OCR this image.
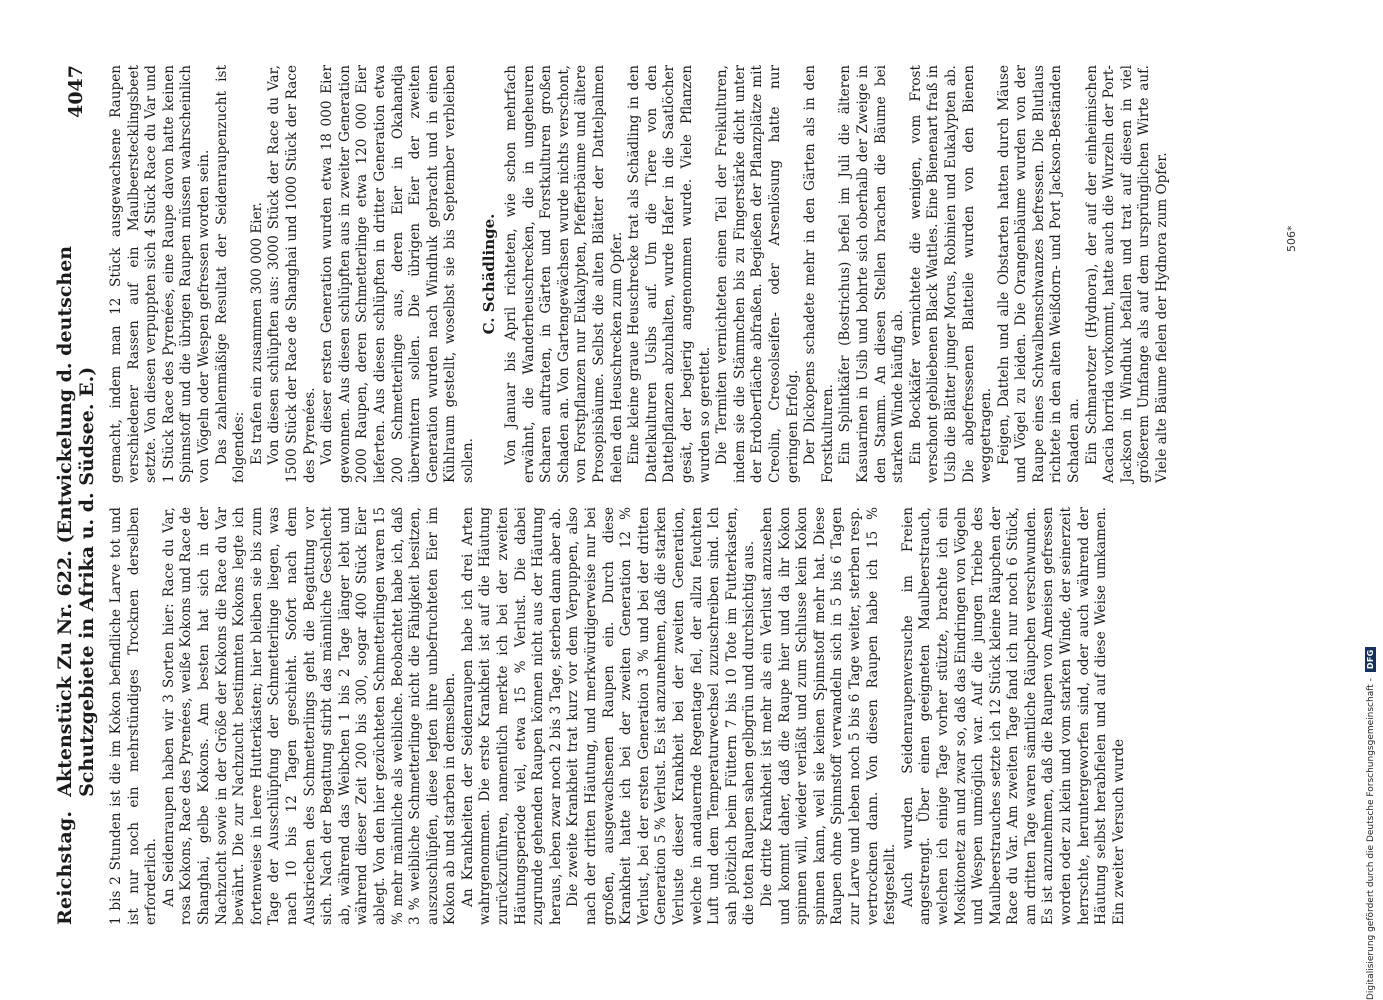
Reichstag.
Aktenstück Zu Nr. 622. (Entwickelung d. deutschen Schutzgebiete in Afrika u. d. Südsee. E.)
4047

1 bis 2 Stunden ist die im Kokon befindliche Larve tot und ist nur noch ein mehrstündiges Trocknen derselben erforderlich. An Seidenraupen haben wir 3 Sorten hier: Race du Var, rosa Kokons, Race des Pyrenées, weiße Kokons und Race de Shanghai, gelbe Kokons. Am besten hat sich in der Nachzucht sowie in der Größe der Kokons die Race du Var bewährt. Die zur Nachzucht bestimmten Kokons legte ich fortenweise in leere Hutterkästen; hier bleiben sie bis zum Tage der Ausschlüpfung der Schmetterlinge liegen, was nach 10 bis 12 Tagen geschieht. Sofort nach dem Auskriechen des Schmetterlings geht die Begattung vor sich. Nach der Begattung stirbt das männliche Geschlecht ab, während das Weibchen 1 bis 2 Tage länger lebt und während dieser Zeit 200 bis 300, sogar 400 Stück Eier ablegt. Von den hier gezüchteten Schmetterlingen waren 15 % mehr männliche als weibliche. Beobachtet habe ich, daß 3 % weibliche Schmetterlinge nicht die Fähigkeit besitzen, auszuschlüpfen, diese legten ihre unbefruchteten Eier im Kokon ab und starben in demselben. An Krankheiten der Seidenraupen habe ich drei Arten wahrgenommen. Die erste Krankheit ist auf die Häutung zurückzuführen, namentlich merkte ich bei der zweiten Häutungsperiode viel, etwa 15 % Verlust. Die dabei zugrunde gehenden Raupen können nicht aus der Häutung heraus, leben zwar noch 2 bis 3 Tage, sterben dann aber ab. Die zweite Krankheit trat kurz vor dem Verpuppen, also nach der dritten Häutung, und merkwürdigerweise nur bei großen, ausgewachsenen Raupen ein. Durch diese Krankheit hatte ich bei der zweiten Generation 12 % Verlust, bei der ersten Generation 3 % und bei der dritten Generation 5 % Verlust. Es ist anzunehmen, daß die starken Verluste dieser Krankheit bei der zweiten Generation, welche in andauernde Regentage fiel, der allzu feuchten Luft und dem Temperaturwechsel zuzuschreiben sind. Ich sah plötzlich beim Füttern 7 bis 10 Tote im Futterkasten, die toten Raupen sahen gelbgrün und durchsichtig aus. Die dritte Krankheit ist mehr als ein Verlust anzusehen und kommt daher, daß die Raupe hier und da ihr Kokon spinnen will, wieder verläßt und zum Schlusse kein Kokon spinnen kann, weil sie keinen Spinnstoff mehr hat. Diese Raupen ohne Spinnstoff verwandeln sich in 5 bis 6 Tagen zur Larve und leben noch 5 bis 6 Tage weiter, sterben resp. vertrocknen dann. Von diesen Raupen habe ich 15 % festgestellt. Auch wurden Seidenraupenversuche im Freien angestrengt. Über einen geeigneten Maulbeerstrauch, welchen ich einige Tage vorher stützte, brachte ich ein Moskitonetz an und zwar so, daß das Eindringen von Vögeln und Wespen unmöglich war. Auf die jungen Triebe des Maulbeerstrauches setzte ich 12 Stück kleine Räupchen der Race du Var. Am zweiten Tage fand ich nur noch 6 Stück, am dritten Tage waren sämtliche Räupchen verschwunden. Es ist anzunehmen, daß die Raupen von Ameisen gefressen worden oder zu klein und vom starken Winde, der seinerzeit herrschte, heruntergeworfen sind, oder auch während der Häutung selbst herabfielen und auf diese Weise umkamen. Ein zweiter Versuch wurde

gemacht, indem man 12 Stück ausgewachsene Raupen verschiedener Rassen auf ein Maulbeerstecklingsbeet setzte. Von diesen verpuppten sich 4 Stück Race du Var und 1 Stück Race des Pyrenées, eine Raupe davon hatte keinen Spinnstoff und die übrigen Raupen müssen wahrscheinlich von Vögeln oder Wespen gefressen worden sein. Das zahlenmäßige Resultat der Seidenraupenzucht ist folgendes: Es trafen ein zusammen 300 000 Eier. Von diesen schlüpften aus: 3000 Stück der Race du Var, 1500 Stück der Race de Shanghai und 1000 Stück der Race des Pyrenées. Von dieser ersten Generation wurden etwa 18 000 Eier gewonnen. Aus diesen schlüpften aus in zweiter Generation 2000 Raupen, deren Schmetterlinge etwa 120 000 Eier lieferten. Aus diesen schlüpften in dritter Generation etwa 200 Schmetterlinge aus, deren Eier in Okahandja überwintern sollen. Die übrigen Eier der zweiten Generation wurden nach Windhuk gebracht und in einen Kühlraum gestellt, woselbst sie bis September verbleiben sollen.

C. Schädlinge. Von Januar bis April richteten, wie schon mehrfach erwähnt, die Wanderheuschrecken, die in ungeheuren Scharen auftraten, in Gärten und Forstkulturen großen Schaden an. Von Gartengewächsen wurde nichts verschont, von Forstpflanzen nur Eukalypten, Pfefferbäume und ältere Prosopisbäume. Selbst die alten Blätter der Dattelpalmen fielen den Heuschrecken zum Opfer. Eine kleine graue Heuschrecke trat als Schädling in den Dattelkulturen Usibs auf. Um die Tiere von den Dattelpflanzen abzuhalten, wurde Hafer in die Saatlöcher gesät, der begierig angenommen wurde. Viele Pflanzen wurden so gerettet. Die Termiten vernichteten einen Teil der Freikulturen, indem sie die Stämmchen bis zu Fingerstärke dicht unter der Erdoberfläche abfraßen. Begießen der Pflanzplätze mit Creolin, Creosolseifen- oder Arsenlösung hatte nur geringen Erfolg. Der Dickopens schadete mehr in den Gärten als in den Forstkulturen. Ein Splintkäfer (Bostrichus) befiel im Juli die älteren Kasuarinen in Usib und bohrte sich oberhalb der Zweige in den Stamm. An diesen Stellen brachen die Bäume bei starken Winde häufig ab. Ein Bockkäfer vernichtete die wenigen, vom Frost verschont gebliebenen Black Wattles. Eine Bienenart fraß in Usib die Blätter junger Morus, Robinien und Eukalypten ab. Die abgefressenen Blatteile wurden von den Bienen weggetragen. Feigen, Datteln und alle Obstarten hatten durch Mäuse und Vögel zu leiden. Die Orangenbäume wurden von der Raupe eines Schwalbenschwanzes befressen. Die Blutlaus richtete in den alten Weißdorn- und Port Jackson-Beständen Schaden an. Ein Schmarotzer (Hydnora), der auf der einheimischen Acacia horrida vorkommt, hatte auch die Wurzeln der Port-Jackson in Windhuk befallen und trat auf diesen in viel größerem Umfange als auf dem ursprünglichen Wirte auf. Viele alte Bäume fielen der Hydnora zum Opfer.	506*
Digitalisierung gefördert durch die Deutsche Forschungsgemeinschaft -
DFG
